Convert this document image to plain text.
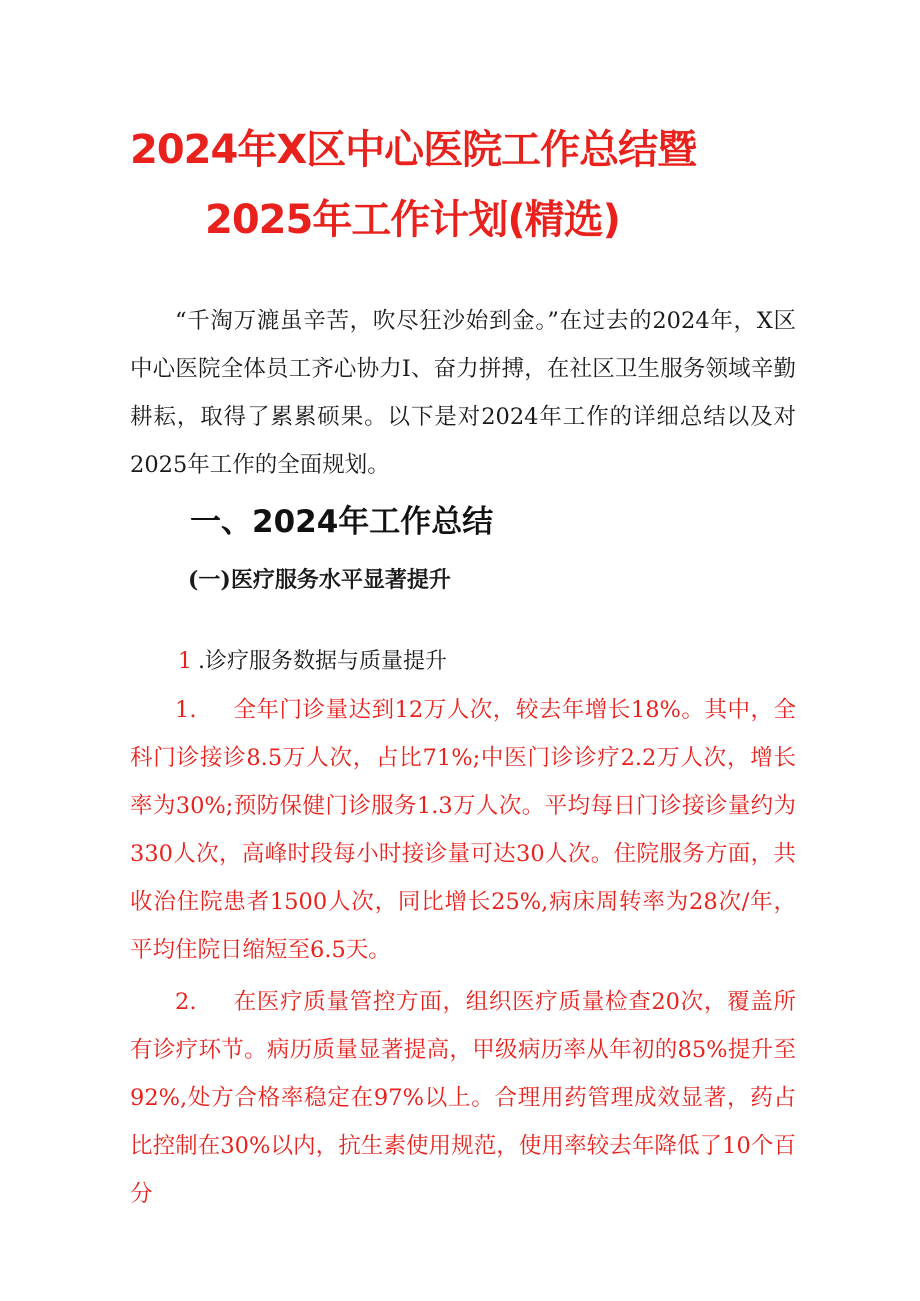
2024年X区中心医院工作总结暨
2025年工作计划(精选)

“千淘万漉虽辛苦，吹尽狂沙始到金。”在过去的2024年，X区中心医院全体员工齐心协力I、奋力拼搏，在社区卫生服务领域辛勤耕耘，取得了累累硕果。以下是对2024年工作的详细总结以及对2025年工作的全面规划。

一、2024年工作总结
(一)医疗服务水平显著提升
1 .诊疗服务数据与质量提升

1. 全年门诊量达到12万人次，较去年增长18%。其中，全科门诊接诊8.5万人次，占比71%;中医门诊诊疗2.2万人次，增长率为30%;预防保健门诊服务1.3万人次。平均每日门诊接诊量约为330人次，高峰时段每小时接诊量可达30人次。住院服务方面，共收治住院患者1500人次，同比增长25%,病床周转率为28次/年，平均住院日缩短至6.5天。

2. 在医疗质量管控方面，组织医疗质量检查20次，覆盖所有诊疗环节。病历质量显著提高，甲级病历率从年初的85%提升至92%,处方合格率稳定在97%以上。合理用药管理成效显著，药占比控制在30%以内，抗生素使用规范，使用率较去年降低了10个百分
